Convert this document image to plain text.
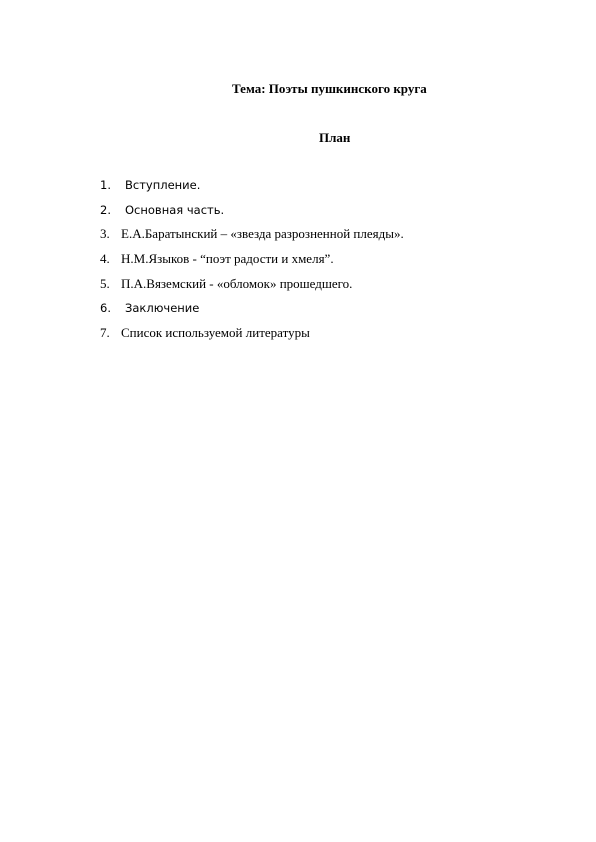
Тема: Поэты пушкинского круга
План
1. Вступление.
2. Основная часть.
3. Е.А.Баратынский – «звезда разрозненной плеяды».
4. Н.М.Языков - “поэт радости и хмеля”.
5. П.А.Вяземский - «обломок» прошедшего.
6. Заключение
7. Список используемой литературы
